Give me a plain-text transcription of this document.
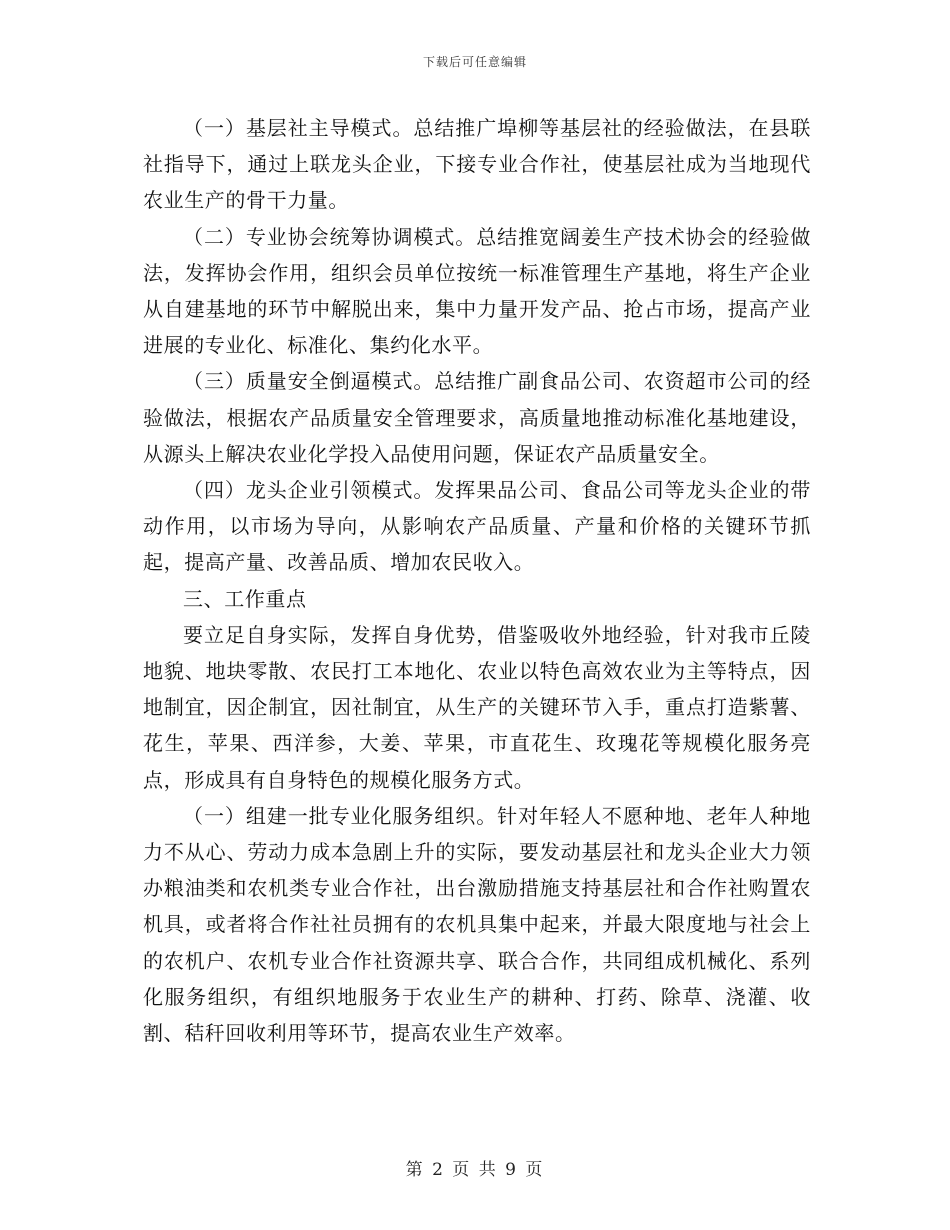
下载后可任意编辑

（一）基层社主导模式。总结推广埠柳等基层社的经验做法，在县联社指导下，通过上联龙头企业，下接专业合作社，使基层社成为当地现代农业生产的骨干力量。

（二）专业协会统筹协调模式。总结推宽阔姜生产技术协会的经验做法，发挥协会作用，组织会员单位按统一标准管理生产基地，将生产企业从自建基地的环节中解脱出来，集中力量开发产品、抢占市场，提高产业进展的专业化、标准化、集约化水平。

（三）质量安全倒逼模式。总结推广副食品公司、农资超市公司的经验做法，根据农产品质量安全管理要求，高质量地推动标准化基地建设，从源头上解决农业化学投入品使用问题，保证农产品质量安全。

（四）龙头企业引领模式。发挥果品公司、食品公司等龙头企业的带动作用，以市场为导向，从影响农产品质量、产量和价格的关键环节抓起，提高产量、改善品质、增加农民收入。

三、工作重点

要立足自身实际，发挥自身优势，借鉴吸收外地经验，针对我市丘陵地貌、地块零散、农民打工本地化、农业以特色高效农业为主等特点，因地制宜，因企制宜，因社制宜，从生产的关键环节入手，重点打造紫薯、花生，苹果、西洋参，大姜、苹果，市直花生、玫瑰花等规模化服务亮点，形成具有自身特色的规模化服务方式。

（一）组建一批专业化服务组织。针对年轻人不愿种地、老年人种地力不从心、劳动力成本急剧上升的实际，要发动基层社和龙头企业大力领办粮油类和农机类专业合作社，出台激励措施支持基层社和合作社购置农机具，或者将合作社社员拥有的农机具集中起来，并最大限度地与社会上的农机户、农机专业合作社资源共享、联合合作，共同组成机械化、系列化服务组织，有组织地服务于农业生产的耕种、打药、除草、浇灌、收割、秸秆回收利用等环节，提高农业生产效率。

第 2 页 共 9 页
